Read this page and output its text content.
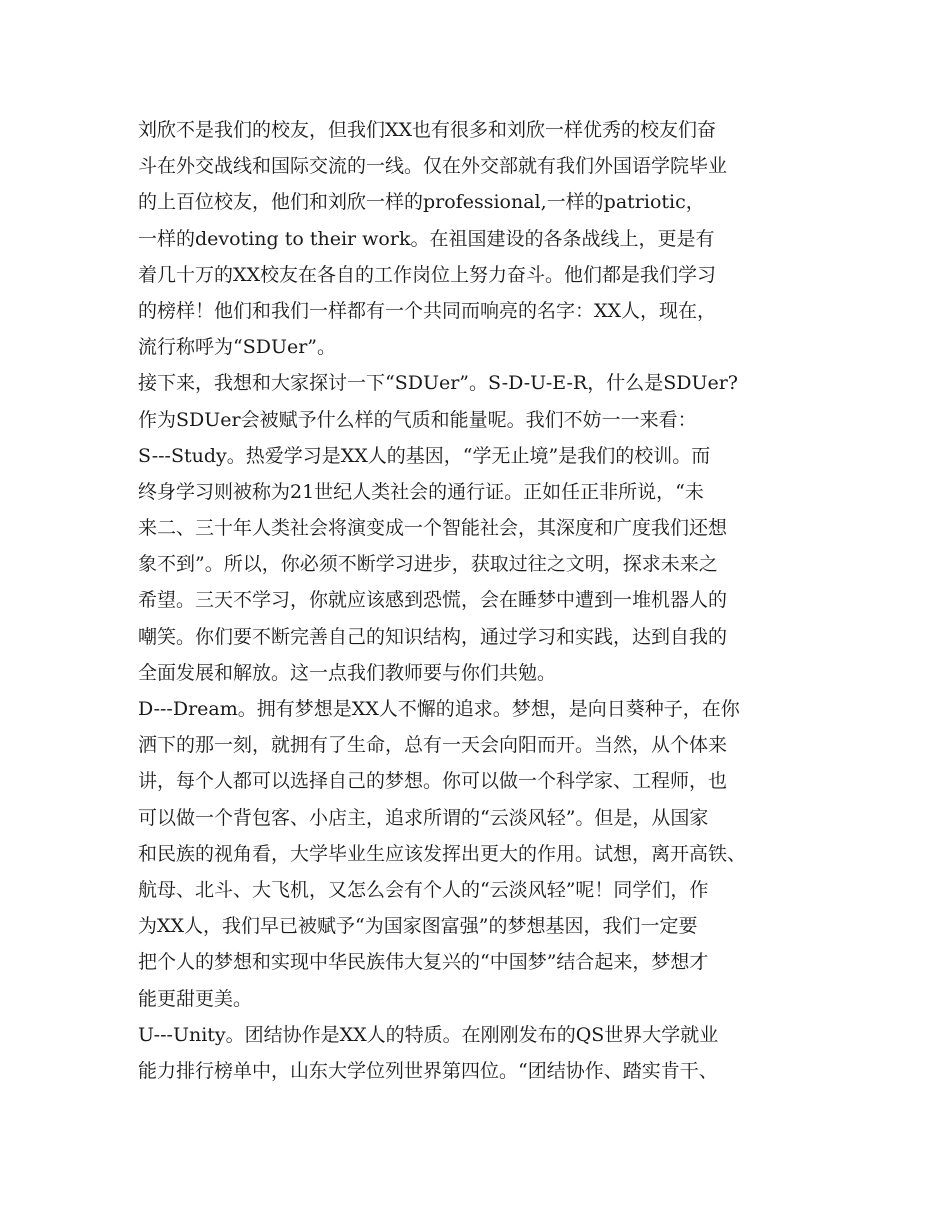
刘欣不是我们的校友，但我们XX也有很多和刘欣一样优秀的校友们奋
斗在外交战线和国际交流的一线。仅在外交部就有我们外国语学院毕业
的上百位校友，他们和刘欣一样的professional,一样的patriotic，
一样的devoting to their work。在祖国建设的各条战线上，更是有
着几十万的XX校友在各自的工作岗位上努力奋斗。他们都是我们学习
的榜样！他们和我们一样都有一个共同而响亮的名字：XX人，现在，
流行称呼为“SDUer”。
接下来，我想和大家探讨一下“SDUer”。S-D-U-E-R，什么是SDUer?
作为SDUer会被赋予什么样的气质和能量呢。我们不妨一一来看：
S---Study。热爱学习是XX人的基因，“学无止境”是我们的校训。而
终身学习则被称为21世纪人类社会的通行证。正如任正非所说，“未
来二、三十年人类社会将演变成一个智能社会，其深度和广度我们还想
象不到”。所以，你必须不断学习进步，获取过往之文明，探求未来之
希望。三天不学习，你就应该感到恐慌，会在睡梦中遭到一堆机器人的
嘲笑。你们要不断完善自己的知识结构，通过学习和实践，达到自我的
全面发展和解放。这一点我们教师要与你们共勉。
D---Dream。拥有梦想是XX人不懈的追求。梦想，是向日葵种子，在你
洒下的那一刻，就拥有了生命，总有一天会向阳而开。当然，从个体来
讲，每个人都可以选择自己的梦想。你可以做一个科学家、工程师，也
可以做一个背包客、小店主，追求所谓的“云淡风轻”。但是，从国家
和民族的视角看，大学毕业生应该发挥出更大的作用。试想，离开高铁、
航母、北斗、大飞机，又怎么会有个人的“云淡风轻”呢！同学们，作
为XX人，我们早已被赋予“为国家图富强”的梦想基因，我们一定要
把个人的梦想和实现中华民族伟大复兴的“中国梦”结合起来，梦想才
能更甜更美。
U---Unity。团结协作是XX人的特质。在刚刚发布的QS世界大学就业
能力排行榜单中，山东大学位列世界第四位。“团结协作、踏实肯干、
